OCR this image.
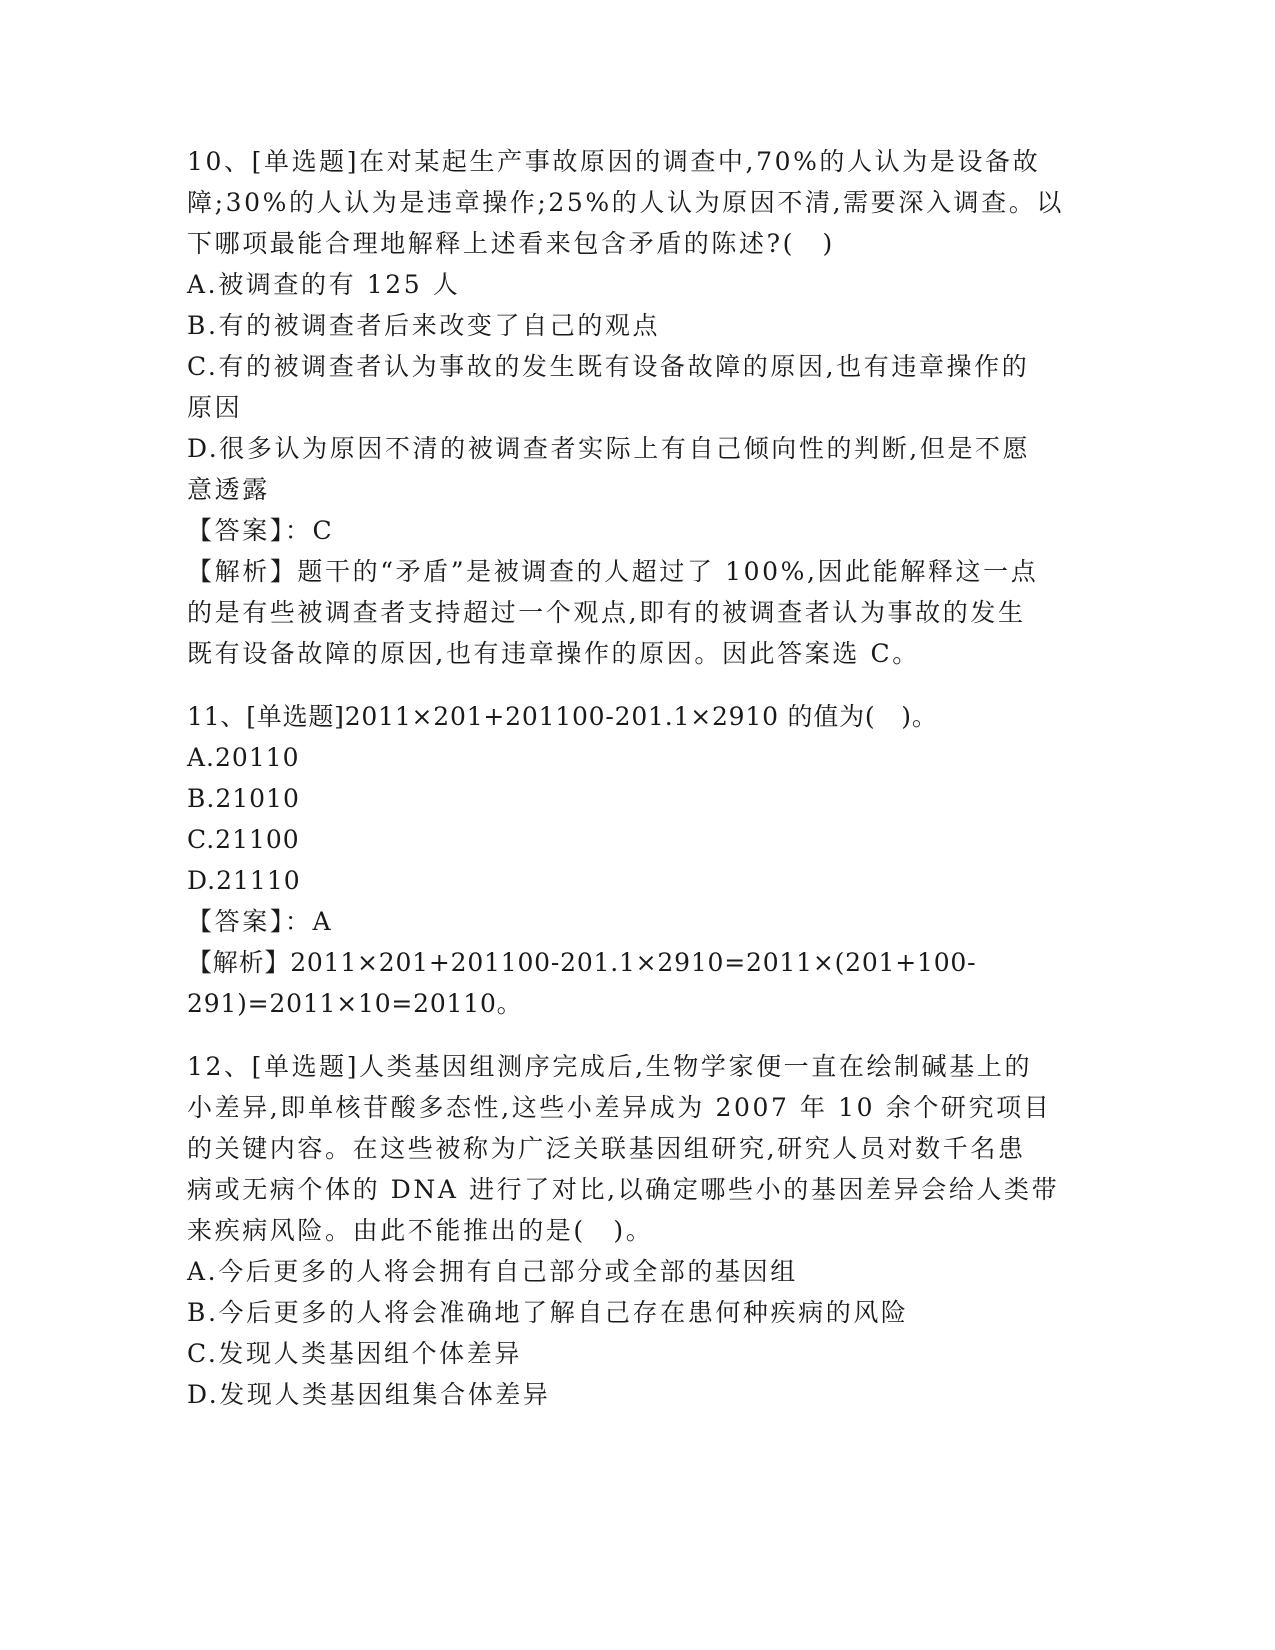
10、[单选题]在对某起生产事故原因的调查中,70%的人认为是设备故
障;30%的人认为是违章操作;25%的人认为原因不清,需要深入调查。以
下哪项最能合理地解释上述看来包含矛盾的陈述?(　)
A.被调查的有 125 人
B.有的被调查者后来改变了自己的观点
C.有的被调查者认为事故的发生既有设备故障的原因,也有违章操作的
原因
D.很多认为原因不清的被调查者实际上有自己倾向性的判断,但是不愿
意透露
【答案】：C
【解析】题干的“矛盾”是被调查的人超过了 100%,因此能解释这一点
的是有些被调查者支持超过一个观点,即有的被调查者认为事故的发生
既有设备故障的原因,也有违章操作的原因。因此答案选 C。
11、[单选题]2011×201+201100-201.1×2910 的值为(　)。
A.20110
B.21010
C.21100
D.21110
【答案】：A
【解析】2011×201+201100-201.1×2910=2011×(201+100-
291)=2011×10=20110。
12、[单选题]人类基因组测序完成后,生物学家便一直在绘制碱基上的
小差异,即单核苷酸多态性,这些小差异成为 2007 年 10 余个研究项目
的关键内容。在这些被称为广泛关联基因组研究,研究人员对数千名患
病或无病个体的 DNA 进行了对比,以确定哪些小的基因差异会给人类带
来疾病风险。由此不能推出的是(　)。
A.今后更多的人将会拥有自己部分或全部的基因组
B.今后更多的人将会准确地了解自己存在患何种疾病的风险
C.发现人类基因组个体差异
D.发现人类基因组集合体差异
